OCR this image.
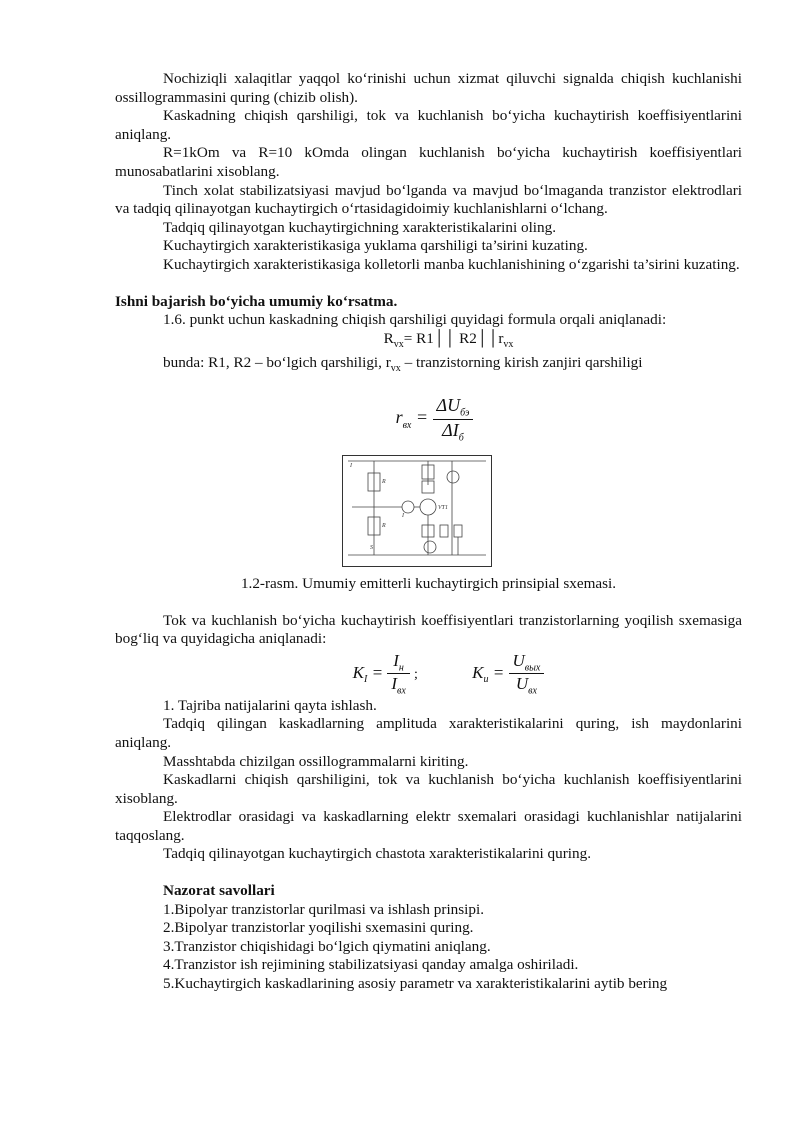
Nochiziqli xalaqitlar yaqqol ko‘rinishi uchun xizmat qiluvchi signalda chiqish kuchlanishi ossillogrammasini quring (chizib olish).

Kaskadning chiqish qarshiligi, tok va kuchlanish bo‘yicha kuchaytirish koeffisiyentlarini aniqlang.

R=1kOm va R=10 kOmda olingan kuchlanish bo‘yicha kuchaytirish koeffisiyentlari munosabatlarini xisoblang.

Tinch xolat stabilizatsiyasi mavjud bo‘lganda va mavjud bo‘lmaganda tranzistor elektrodlari va tadqiq qilinayotgan kuchaytirgich o‘rtasidagidoimiy kuchlanishlarni o‘lchang.

Tadqiq qilinayotgan kuchaytirgichning xarakteristikalarini oling.

Kuchaytirgich xarakteristikasiga yuklama qarshiligi ta’sirini kuzating.

Kuchaytirgich xarakteristikasiga kolletorli manba kuchlanishining o‘zgarishi ta’sirini kuzating.

Ishni bajarish bo‘yicha umumiy ko‘rsatma.

1.6. punkt uchun kaskadning chiqish qarshiligi quyidagi formula orqali aniqlanadi:

$R_{vx}=$ R1││ $R2││r_{vx}$

bunda: R1, R2 – bo‘lgich qarshiligi, $r_{vx}$ – tranzistorning kirish zanjiri qarshiligi

$r_{вх} = \frac{\Delta U_{бэ}}{\Delta I_б}$
I
R
R
VT1
I
S

1.2-rasm. Umumiy emitterli kuchaytirgich prinsipial sxemasi.

Tok va kuchlanish bo‘yicha kuchaytirish koeffisiyentlari tranzistorlarning yoqilish sxemasiga bog‘liq va quyidagicha aniqlanadi:

$K_I = \frac{I_н}{I_{вх}}$ ;	$K_u = \frac{U_{вых}}{U_{вх}}$

1. Tajriba natijalarini qayta ishlash.

Tadqiq qilingan kaskadlarning amplituda xarakteristikalarini quring, ish maydonlarini aniqlang.

Masshtabda chizilgan ossillogrammalarni kiriting.

Kaskadlarni chiqish qarshiligini, tok va kuchlanish bo‘yicha kuchlanish koeffisiyentlarini xisoblang.

Elektrodlar orasidagi va kaskadlarning elektr sxemalari orasidagi kuchlanishlar natijalarini taqqoslang.

Tadqiq qilinayotgan kuchaytirgich chastota xarakteristikalarini quring.

Nazorat savollari

1.Bipolyar tranzistorlar qurilmasi va ishlash prinsipi.

2.Bipolyar tranzistorlar yoqilishi sxemasini quring.

3.Tranzistor chiqishidagi bo‘lgich qiymatini aniqlang.

4.Tranzistor ish rejimining stabilizatsiyasi qanday amalga oshiriladi.

5.Kuchaytirgich kaskadlarining asosiy parametr va xarakteristikalarini aytib bering
